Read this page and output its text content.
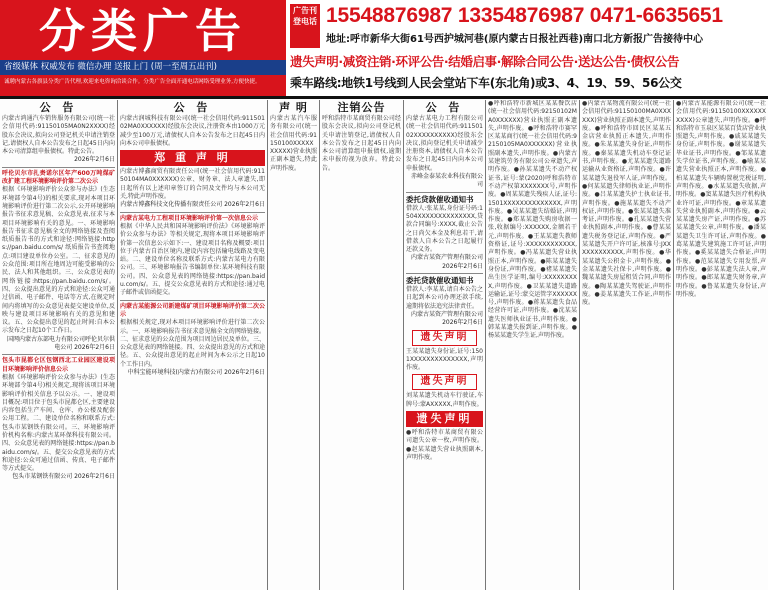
分类广告
省级媒体 权威发布 微信办理 送报上门 (周一至周五出刊)
诚聘内蒙古各旗县分类广告代理,欢迎来电咨询洽谈合作。分类广告全面开通电话网络受理业务,方便快捷。
广告刊登电话 15548876987 13354876987 0471-6635651
地址:呼市新华大街61号西护城河巷(原内蒙古日报社西巷)南口北方新报广告接待中心
遗失声明·减资注销·环评公告·结婚启事·解除合同公告·送达公告·债权公告
乘车路线:地铁1号线到人民会堂站下车(东北角)或3、4、19、59、56公交
公 告
内蒙古鸿通汽车销售服务有限公司(统一社会信用代码:91150105MA0N2XXXX)经股东会决议,拟向公司登记机关申请注销登记,请债权人自本公告发布之日起45日内向本公司清算组申报债权。特此公告。
2026年2月6日
呼伦贝尔市扎赉诺尔区年产600万吨煤矿改扩建工程环境影响评价第二次公示
根据《环境影响评价公众参与办法》(生态环境部令第4号)的相关要求,现对本项目环境影响评价进行第二次公示,公开环境影响报告书征求意见稿、公众意见表,征求与本项目环境影响有关的意见。一、环境影响报告书征求意见稿全文的网络链接及查阅纸质报告书的方式和途径:网络链接:https://pan.baidu.com/s/ 纸质报告书查阅地点:项目建设单位办公室。二、征求意见的公众范围:项目所在地周边可能受影响的公民、法人和其他组织。三、公众意见表的网络链接:https://pan.baidu.com/s/。四、公众提出意见的方式和途径:公众可通过信函、电子邮件、电话等方式,在规定时间内将填写的公众意见表提交建设单位,反映与建设项目环境影响有关的意见和建议。五、公众提出意见的起止时间:自本公示发布之日起10个工作日。
国网内蒙古东部电力有限公司呼伦贝尔供电公司 2026年2月6日
包头市昆都仑区包钢西北工业园区建设项目环境影响评价信息公示
根据《环境影响评价公众参与办法》(生态环境部令第4号)相关规定,现将该项目环境影响评价相关信息予以公示。一、建设项目概况:项目位于包头市昆都仑区,主要建设内容包括生产车间、仓库、办公楼及配套公用工程。二、建设单位名称和联系方式:包头市某钢铁有限公司。三、环境影响评价机构名称:内蒙古某环保科技有限公司。四、公众意见表的网络链接:https://pan.baidu.com/s/。五、提交公众意见表的方式和途径:公众可通过信函、传真、电子邮件等方式提交。
包头市某钢铁有限公司 2026年2月6日
公 告
内蒙古润城科技有限公司(统一社会信用代码:91150102MA0XXXXXX)经股东会决议,注册资本由1000万元减少至100万元,请债权人自本公告发布之日起45日内向本公司申报债权。
郑 重 声 明
内蒙古博鑫商贸有限责任公司(统一社会信用代码:91150104MA0XXXXXX)公章、财务章、法人章遗失,即日起所有以上述印章签订的合同及文件均与本公司无关,特此声明作废。
内蒙古博鑫科技文化传播有限责任公司 2026年2月6日
内蒙古某电力工程项目环境影响评价第一次信息公示
根据《中华人民共和国环境影响评价法》《环境影响评价公众参与办法》等相关规定,现将本项目环境影响评价第一次信息公示如下:一、建设项目名称及概要:项目位于内蒙古自治区境内,建设内容包括输电线路及变电站。二、建设单位名称及联系方式:内蒙古某电力有限公司。三、环境影响报告书编制单位:某环境科技有限公司。四、公众意见表的网络链接:https://pan.baidu.com/s/。五、提交公众意见表的方式和途径:通过电子邮件或信函提交。
内蒙古某能源公司新建煤矿项目环境影响评价第二次公示
根据相关规定,现对本项目环境影响评价进行第二次公示。一、环境影响报告书征求意见稿全文的网络链接。二、征求意见的公众范围为项目周边居民及单位。三、公众意见表的网络链接。四、公众提出意见的方式和途径。五、公众提出意见的起止时间为本公示之日起10个工作日内。
中科宝能环境科技(内蒙古)有限公司 2026年2月6日
声 明
内蒙古某汽车服务有限公司(统一社会信用代码:91150100XXXXXXXXXX)营业执照正副本遗失,特此声明作废。
注销公告
呼和浩特市某商贸有限公司经股东会决议,拟向公司登记机关申请注销登记,请债权人自本公告发布之日起45日内向本公司清算组申报债权,逾期未申报的视为放弃。特此公告。
公 告
内蒙古某电力工程有限公司(统一社会信用代码:91150102XXXXXXXXXX)经股东会决议,拟向登记机关申请减少注册资本,请债权人自本公告发布之日起45日内向本公司申报债权。
赤峰金泰某农业科技有限公司
委托贷款催收通知书
借款人:张某某,身份证号码:1504XXXXXXXXXXXXXX,贷款合同编号:XXXX,截止公告之日尚欠本金及利息若干,请借款人自本公告之日起履行还款义务。
内蒙古某资产管理有限公司 2026年2月6日
委托贷款催收通知书
借款人:李某某,请自本公告之日起到本公司办理还款手续,逾期将依法追究法律责任。
内蒙古某资产管理有限公司 2026年2月6日
遗失声明
王某某遗失身份证,证号:1501XXXXXXXXXXXXXX,声明作废。
遗失声明
刘某某遗失机动车行驶证,车牌号:蒙AXXXXX,声明作废。
遗失声明
●呼和浩特市某商贸有限公司遗失公章一枚,声明作废。●赵某某遗失营业执照副本,声明作废。
●呼和浩特市新城区某某餐饮店(统一社会信用代码:92150102MA0XXXXXX)营业执照正副本遗失,声明作废。●呼和浩特市赛罕区某某商行(统一社会信用代码:92150105MA0XXXXXX)营业执照副本遗失,声明作废。●内蒙古某建筑劳务有限公司公章遗失,声明作废。●孙某某遗失不动产权证书,证号:蒙(2020)呼和浩特市不动产权第XXXXXXX号,声明作废。●周某某遗失残疾人证,证号:1501XXXXXXXXXXXXXX,声明作废。●吴某某遗失结婚证,声明作废。●郑某某遗失购房收据一张,收据编号:XXXXXX,金额若干元,声明作废。●王某某遗失教师资格证,证号:XXXXXXXXXXXX,声明作废。●冯某某遗失营业执照正本,声明作废。●陈某某遗失身份证,声明作废。●褚某某遗失出生医学证明,编号:XXXXXXXXX,声明作废。●卫某某遗失道路运输证,证号:蒙交运管字XXXXXX号,声明作废。●蒋某某遗失食品经营许可证,声明作废。●沈某某遗失医师执业证书,声明作废。●韩某某遗失报到证,声明作废。●杨某某遗失学生证,声明作废。
●内蒙古某物流有限公司(统一社会信用代码:91150100MA0XXXXXX)营业执照正副本遗失,声明作废。●呼和浩特市回民区某某五金店营业执照正本遗失,声明作废。●朱某某遗失身份证,声明作废。●秦某某遗失机动车登记证书,声明作废。●尤某某遗失道路运输从业资格证,声明作废。●许某某遗失退役军人证,声明作废。●何某某遗失律师执业证,声明作废。●吕某某遗失护士执业证书,声明作废。●施某某遗失不动产权证,声明作废。●张某某遗失准考证,声明作废。●孔某某遗失营业执照副本,声明作废。●曹某某遗失税务登记证,声明作废。●严某某遗失开户许可证,核准号:JXXXXXXXXXXXX,声明作废。●华某某遗失公积金卡,声明作废。●金某某遗失社保卡,声明作废。●魏某某遗失房屋租赁合同,声明作废。●陶某某遗失驾驶证,声明作废。●姜某某遗失工作证,声明作废。
●内蒙古某能源有限公司(统一社会信用代码:91150100XXXXXXXXXX)公章遗失,声明作废。●呼和浩特市玉泉区某某百货店营业执照遗失,声明作废。●戚某某遗失身份证,声明作废。●谢某某遗失毕业证书,声明作废。●邹某某遗失学位证书,声明作废。●喻某某遗失营业执照正本,声明作废。●柏某某遗失车辆购置税完税证明,声明作废。●水某某遗失收据,声明作废。●窦某某遗失医疗机构执业许可证,声明作废。●章某某遗失营业执照副本,声明作废。●云某某遗失房产证,声明作废。●苏某某遗失公章,声明作废。●潘某某遗失卫生许可证,声明作废。●葛某某遗失建筑施工许可证,声明作废。●奚某某遗失合格证,声明作废。●范某某遗失专用发票,声明作废。●彭某某遗失法人章,声明作废。●郎某某遗失财务章,声明作废。●鲁某某遗失身份证,声明作废。
